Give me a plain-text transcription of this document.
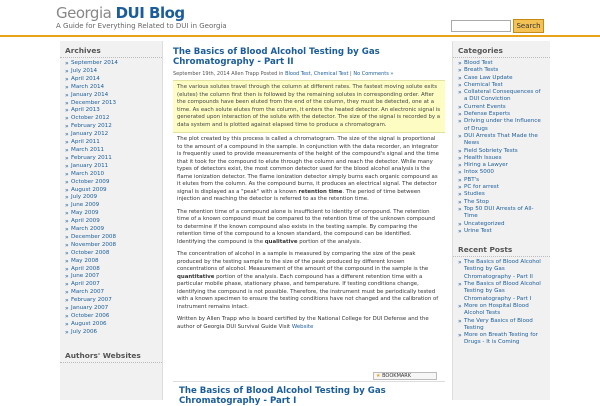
Georgia DUI Blog
A Guide for Everything Related to DUI in Georgia	Search
Archives
» September 2014
» July 2014
» April 2014
» March 2014
» January 2014
» December 2013
» April 2013
» October 2012
» February 2012
» January 2012
» April 2011
» March 2011
» February 2011
» January 2011
» March 2010
» October 2009
» August 2009
» July 2009
» June 2009
» May 2009
» April 2009
» March 2009
» December 2008
» November 2008
» October 2008
» May 2008
» April 2008
» June 2007
» April 2007
» March 2007
» February 2007
» January 2007
» October 2006
» August 2006
» July 2006
Authors' Websites
The Basics of Blood Alcohol Testing by Gas Chromatography - Part II
September 19th, 2014 Allen Trapp Posted in Blood Test, Chemical Test | No Comments »
The various solutes travel through the column at different rates. The fastest moving solute exits (elutes) the column first then is followed by the remaining solutes in corresponding order. After the compounds have been eluted from the end of the column, they must be detected, one at a time. As each solute elutes from the column, it enters the heated detector. An electronic signal is generated upon interaction of the solute with the detector. The size of the signal is recorded by a data system and is plotted against elapsed time to produce a chromatogram.

The plot created by this process is called a chromatogram. The size of the signal is proportional to the amount of a compound in the sample. In conjunction with the data recorder, an integrator is frequently used to provide measurements of the height of the compound's signal and the time that it took for the compound to elute through the column and reach the detector. While many types of detectors exist, the most common detector used for the blood alcohol analysis is the flame ionization detector. The flame ionization detector simply burns each organic compound as it elutes from the column. As the compound burns, it produces an electrical signal. The detector signal is displayed as a "peak" with a known retention time. The period of time between injection and reaching the detector is referred to as the retention time.

The retention time of a compound alone is insufficient to identity of compound. The retention time of a known compound must be compared to the retention time of the unknown compound to determine if the known compound also exists in the testing sample. By comparing the retention time of the compound to a known standard, the compound can be identified. Identifying the compound is the qualitative portion of the analysis.

The concentration of alcohol in a sample is measured by comparing the size of the peak produced by the testing sample to the size of the peak produced by different known concentrations of alcohol. Measurement of the amount of the compound in the sample is the quantitative portion of the analysis. Each compound has a different retention time with a particular mobile phase, stationary phase, and temperature. If testing conditions change, identifying the compound is not possible. Therefore, the instrument must be periodically tested with a known specimen to ensure the testing conditions have not changed and the calibration of instrument remains intact.

Written by Allen Trapp who is board certified by the National College for DUI Defense and the author of Georgia DUI Survival Guide Visit Website

★ BOOKMARK
The Basics of Blood Alcohol Testing by Gas Chromatography - Part I
Categories
» Blood Test
» Breath Tests
» Case Law Update
» Chemical Test
» Collateral Consequences of a DUI Conviction
» Current Events
» Defense Experts
» Driving under the Influence of Drugs
» DUI Arrests That Made the News
» Field Sobriety Tests
» Health Issues
» Hiring a Lawyer
» Intox 5000
» PBT's
» PC for arrest
» Studies
» The Stop
» Top 50 DUI Arrests of All-Time
» Uncategorized
» Urine Test
Recent Posts
» The Basics of Blood Alcohol Testing by Gas Chromatography - Part II
» The Basics of Blood Alcohol Testing by Gas Chromatography - Part I
» More on Hospital Blood Alcohol Tests
» The Very Basics of Blood Testing
» More on Breath Testing for Drugs - It is Coming
